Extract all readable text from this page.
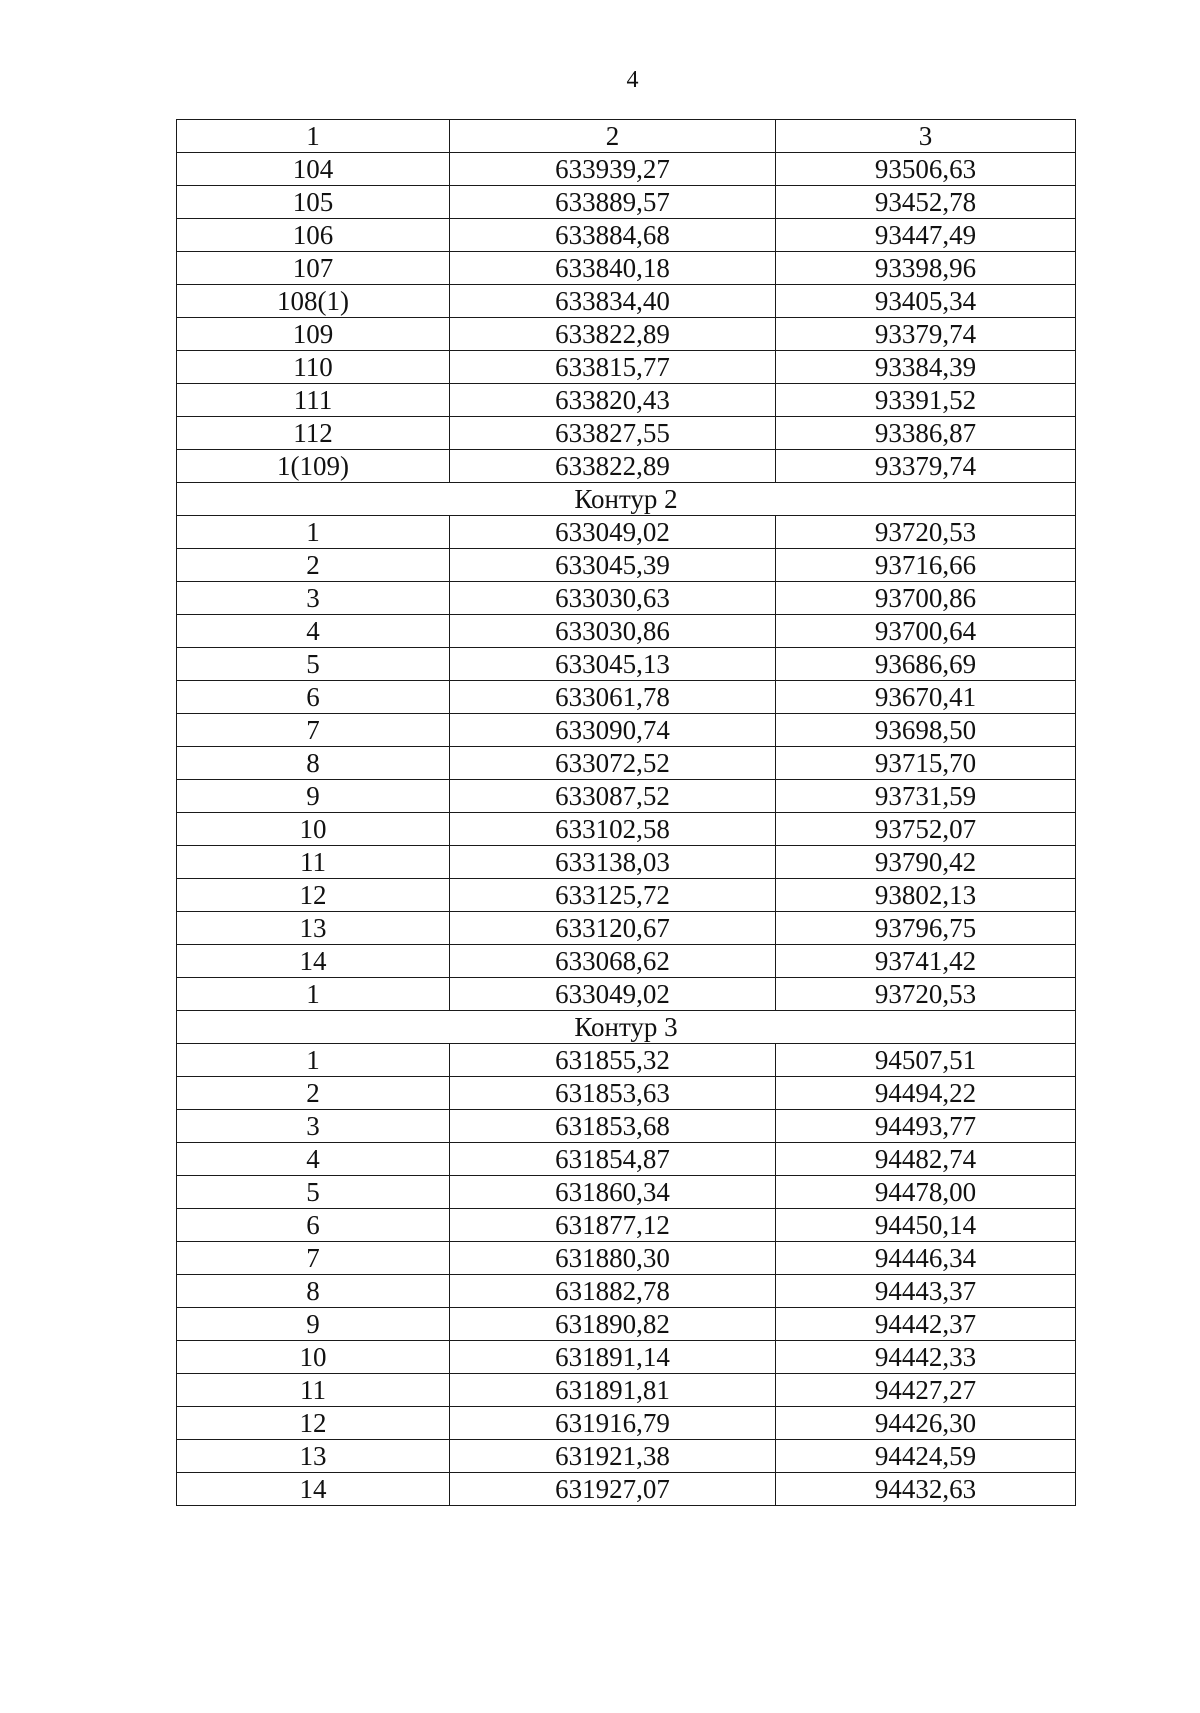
4
1	2	3
104	633939,27	93506,63
105	633889,57	93452,78
106	633884,68	93447,49
107	633840,18	93398,96
108(1)	633834,40	93405,34
109	633822,89	93379,74
110	633815,77	93384,39
111	633820,43	93391,52
112	633827,55	93386,87
1(109)	633822,89	93379,74
Контур 2		
1	633049,02	93720,53
2	633045,39	93716,66
3	633030,63	93700,86
4	633030,86	93700,64
5	633045,13	93686,69
6	633061,78	93670,41
7	633090,74	93698,50
8	633072,52	93715,70
9	633087,52	93731,59
10	633102,58	93752,07
11	633138,03	93790,42
12	633125,72	93802,13
13	633120,67	93796,75
14	633068,62	93741,42
1	633049,02	93720,53
Контур 3		
1	631855,32	94507,51
2	631853,63	94494,22
3	631853,68	94493,77
4	631854,87	94482,74
5	631860,34	94478,00
6	631877,12	94450,14
7	631880,30	94446,34
8	631882,78	94443,37
9	631890,82	94442,37
10	631891,14	94442,33
11	631891,81	94427,27
12	631916,79	94426,30
13	631921,38	94424,59
14	631927,07	94432,63
